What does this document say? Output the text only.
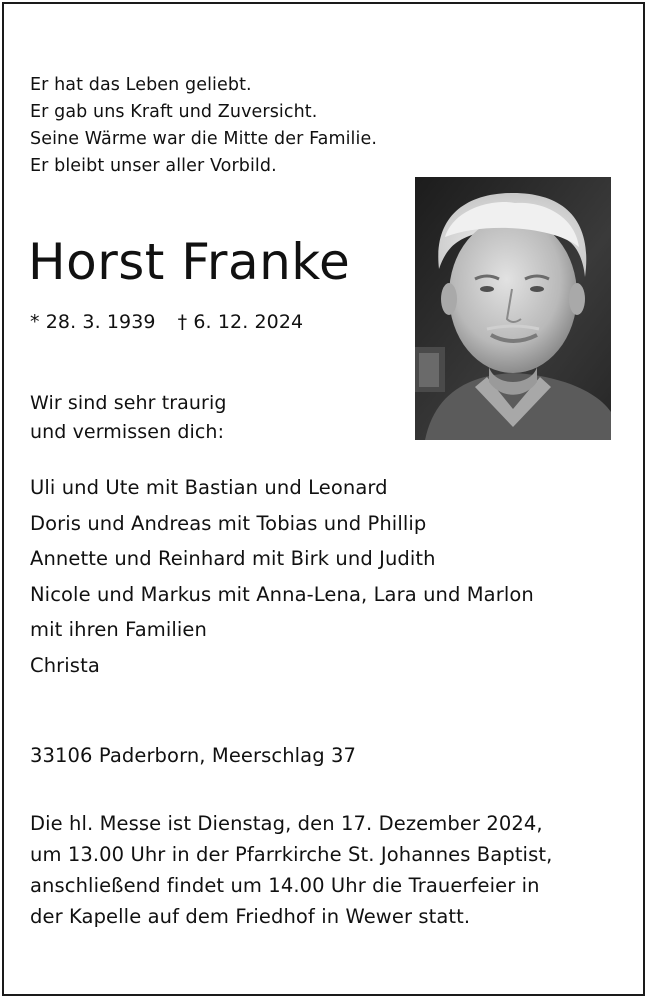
Er hat das Leben geliebt.
Er gab uns Kraft und Zuversicht.
Seine Wärme war die Mitte der Familie.
Er bleibt unser aller Vorbild.
Horst Franke
* 28. 3. 1939 † 6. 12. 2024
Wir sind sehr traurig
und vermissen dich:
Uli und Ute mit Bastian und Leonard
Doris und Andreas mit Tobias und Phillip
Annette und Reinhard mit Birk und Judith
Nicole und Markus mit Anna-Lena, Lara und Marlon
mit ihren Familien
Christa
33106 Paderborn, Meerschlag 37
Die hl. Messe ist Dienstag, den 17. Dezember 2024,
um 13.00 Uhr in der Pfarrkirche St. Johannes Baptist,
anschließend findet um 14.00 Uhr die Trauerfeier in
der Kapelle auf dem Friedhof in Wewer statt.
